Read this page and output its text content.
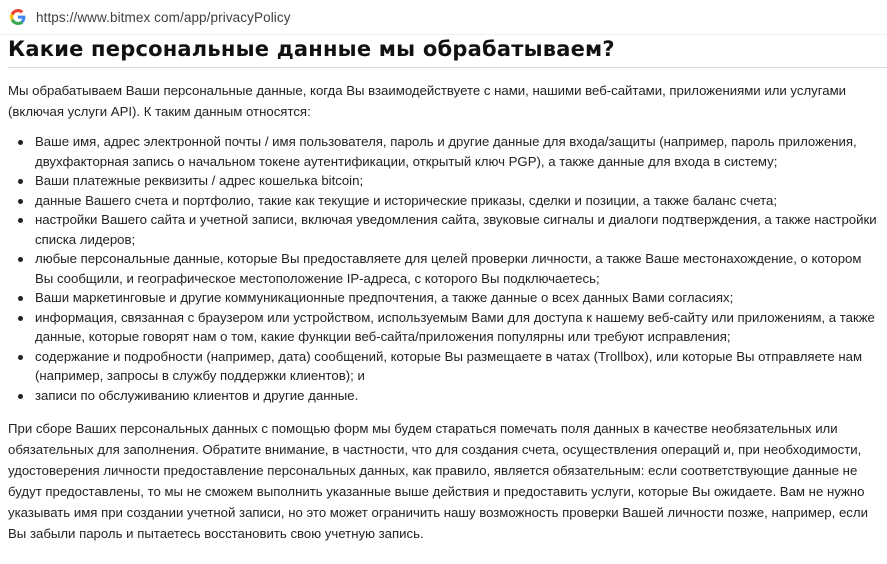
https://www.bitmex com/app/privacyPolicy
Какие персональные данные мы обрабатываем?

Мы обрабатываем Ваши персональные данные, когда Вы взаимодействуете с нами, нашими веб-сайтами, приложениями или услугами (включая услуги API). К таким данным относятся:

Ваше имя, адрес электронной почты / имя пользователя, пароль и другие данные для входа/защиты (например, пароль приложения, двухфакторная запись о начальном токене аутентификации, открытый ключ PGP), а также данные для входа в систему;
Ваши платежные реквизиты / адрес кошелька bitcoin;
данные Вашего счета и портфолио, такие как текущие и исторические приказы, сделки и позиции, а также баланс счета;
настройки Вашего сайта и учетной записи, включая уведомления сайта, звуковые сигналы и диалоги подтверждения, а также настройки списка лидеров;
любые персональные данные, которые Вы предоставляете для целей проверки личности, а также Ваше местонахождение, о котором Вы сообщили, и географическое местоположение IP-адреса, с которого Вы подключаетесь;
Ваши маркетинговые и другие коммуникационные предпочтения, а также данные о всех данных Вами согласиях;
информация, связанная с браузером или устройством, используемым Вами для доступа к нашему веб-сайту или приложениям, а также данные, которые говорят нам о том, какие функции веб-сайта/приложения популярны или требуют исправления;
содержание и подробности (например, дата) сообщений, которые Вы размещаете в чатах (Trollbox), или которые Вы отправляете нам (например, запросы в службу поддержки клиентов); и
записи по обслуживанию клиентов и другие данные.

При сборе Ваших персональных данных с помощью форм мы будем стараться помечать поля данных в качестве необязательных или обязательных для заполнения. Обратите внимание, в частности, что для создания счета, осуществления операций и, при необходимости, удостоверения личности предоставление персональных данных, как правило, является обязательным: если соответствующие данные не будут предоставлены, то мы не сможем выполнить указанные выше действия и предоставить услуги, которые Вы ожидаете. Вам не нужно указывать имя при создании учетной записи, но это может ограничить нашу возможность проверки Вашей личности позже, например, если Вы забыли пароль и пытаетесь восстановить свою учетную запись.
